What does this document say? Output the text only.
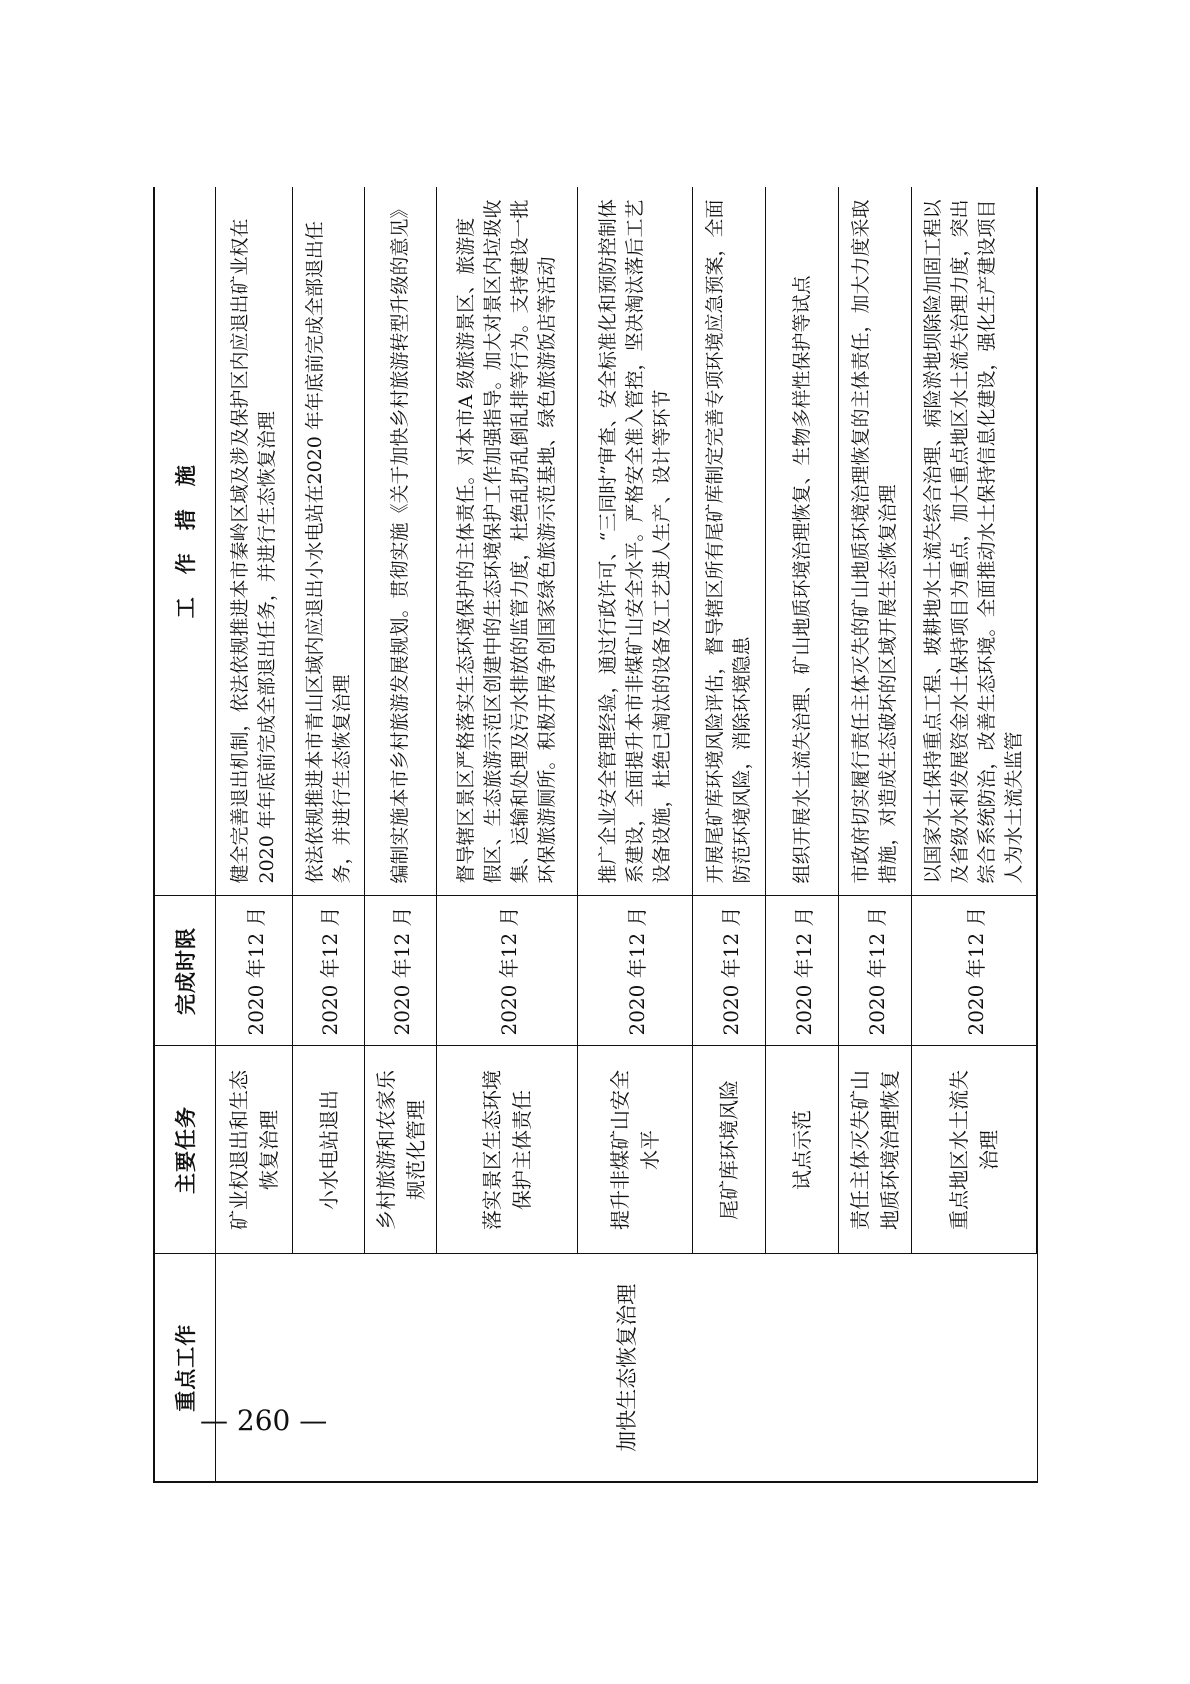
重点工作	主要任务	完成时限	工　作　措　施
加快生态恢复治理	矿业权退出和生态恢复治理	2020 年12 月	健全完善退出机制，依法依规推进本市秦岭区域及涉及保护区内应退出矿业权在2020 年年底前完成全部退出任务，并进行生态恢复治理
	小水电站退出	2020 年12 月	依法依规推进本市青山区域内应退出小水电站在2020 年年底前完成全部退出任务，并进行生态恢复治理
	乡村旅游和农家乐规范化管理	2020 年12 月	编制实施本市乡村旅游发展规划。贯彻实施《关于加快乡村旅游转型升级的意见》
	落实景区生态环境保护主体责任	2020 年12 月	督导辖区景区严格落实生态环境保护的主体责任。对本市A 级旅游景区、旅游度假区、生态旅游示范区创建中的生态环境保护工作加强指导。加大对景区内垃圾收集、运输和处理及污水排放的监管力度，杜绝乱扔乱倒乱排等行为。支持建设一批环保旅游厕所。积极开展争创国家绿色旅游示范基地、绿色旅游饭店等活动
	提升非煤矿山安全水平	2020 年12 月	推广企业安全管理经验，通过行政许可、“三同时”审查、安全标准化和预防控制体系建设，全面提升本市非煤矿山安全水平。严格安全准入管控，坚决淘汰落后工艺设备设施，杜绝已淘汰的设备及工艺进人生产、设计等环节
	尾矿库环境风险	2020 年12 月	开展尾矿库环境风险评估，督导辖区所有尾矿库制定完善专项环境应急预案，全面防范环境风险，消除环境隐患
	试点示范	2020 年12 月	组织开展水土流失治理、矿山地质环境治理恢复、生物多样性保护等试点
	责任主体灭失矿山地质环境治理恢复	2020 年12 月	市政府切实履行责任主体灭失的矿山地质环境治理恢复的主体责任，加大力度采取措施，对造成生态破坏的区域开展生态恢复治理
	重点地区水土流失治理	2020 年12 月	以国家水土保持重点工程、坡耕地水土流失综合治理、病险淤地坝除险加固工程以及省级水利发展资金水土保持项目为重点，加大重点地区水土流失治理力度，突出综合系统防治，改善生态环境。全面推动水土保持信息化建设，强化生产建设项目人为水土流失监管
— 260 —
